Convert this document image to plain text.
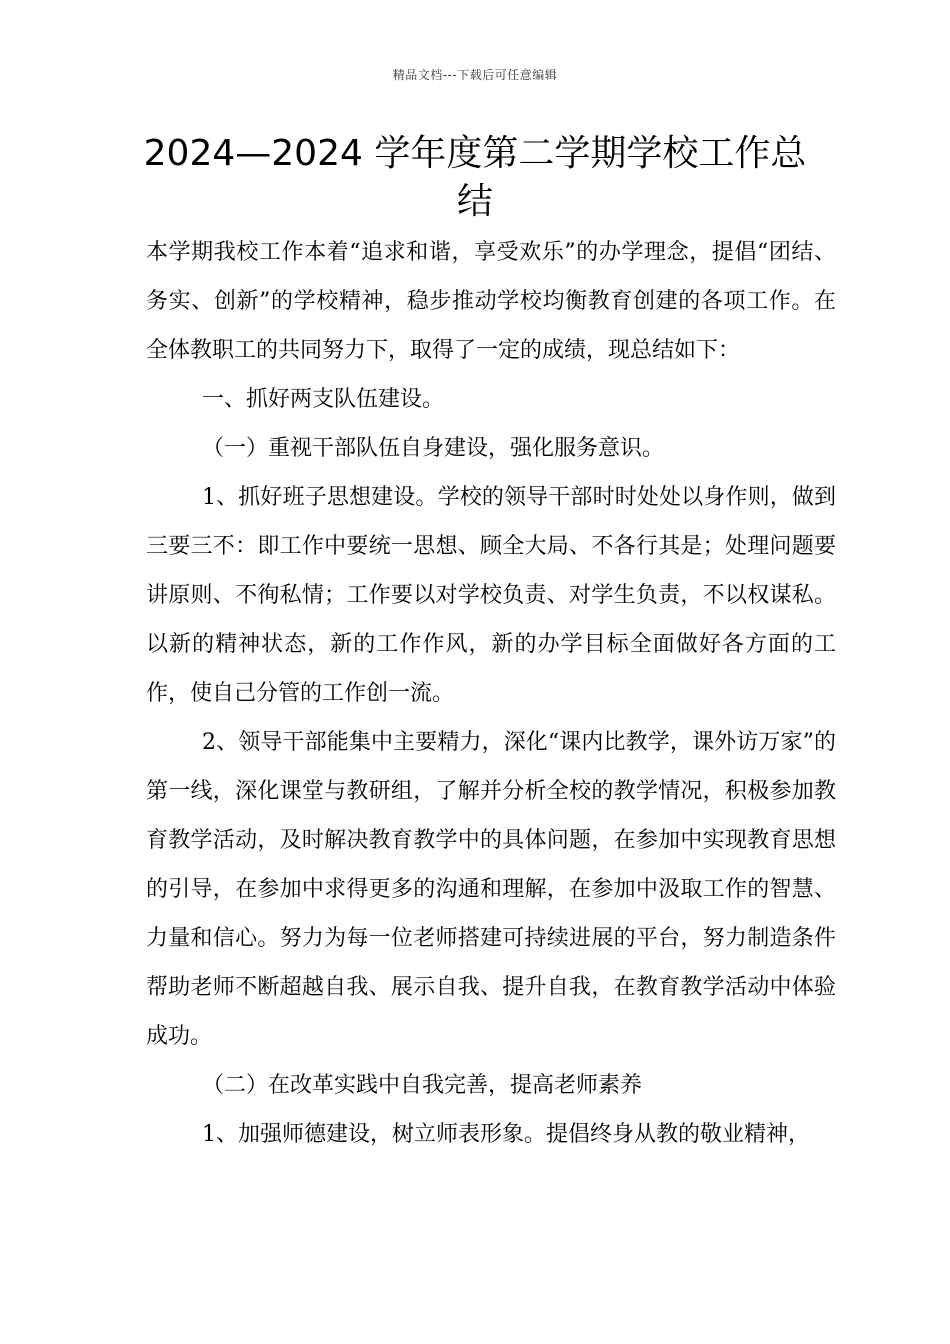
精品文档---下载后可任意编辑
2024—2024 学年度第二学期学校工作总结

本学期我校工作本着“追求和谐，享受欢乐”的办学理念，提倡“团结、务实、创新”的学校精神，稳步推动学校均衡教育创建的各项工作。在全体教职工的共同努力下，取得了一定的成绩，现总结如下：

一、抓好两支队伍建设。

（一）重视干部队伍自身建设，强化服务意识。

1、抓好班子思想建设。学校的领导干部时时处处以身作则，做到三要三不：即工作中要统一思想、顾全大局、不各行其是；处理问题要讲原则、不徇私情；工作要以对学校负责、对学生负责，不以权谋私。以新的精神状态，新的工作作风，新的办学目标全面做好各方面的工作，使自己分管的工作创一流。

2、领导干部能集中主要精力，深化“课内比教学，课外访万家”的第一线，深化课堂与教研组，了解并分析全校的教学情况，积极参加教育教学活动，及时解决教育教学中的具体问题，在参加中实现教育思想的引导，在参加中求得更多的沟通和理解，在参加中汲取工作的智慧、力量和信心。努力为每一位老师搭建可持续进展的平台，努力制造条件帮助老师不断超越自我、展示自我、提升自我，在教育教学活动中体验成功。

（二）在改革实践中自我完善，提高老师素养

1、加强师德建设，树立师表形象。提倡终身从教的敬业精神，
